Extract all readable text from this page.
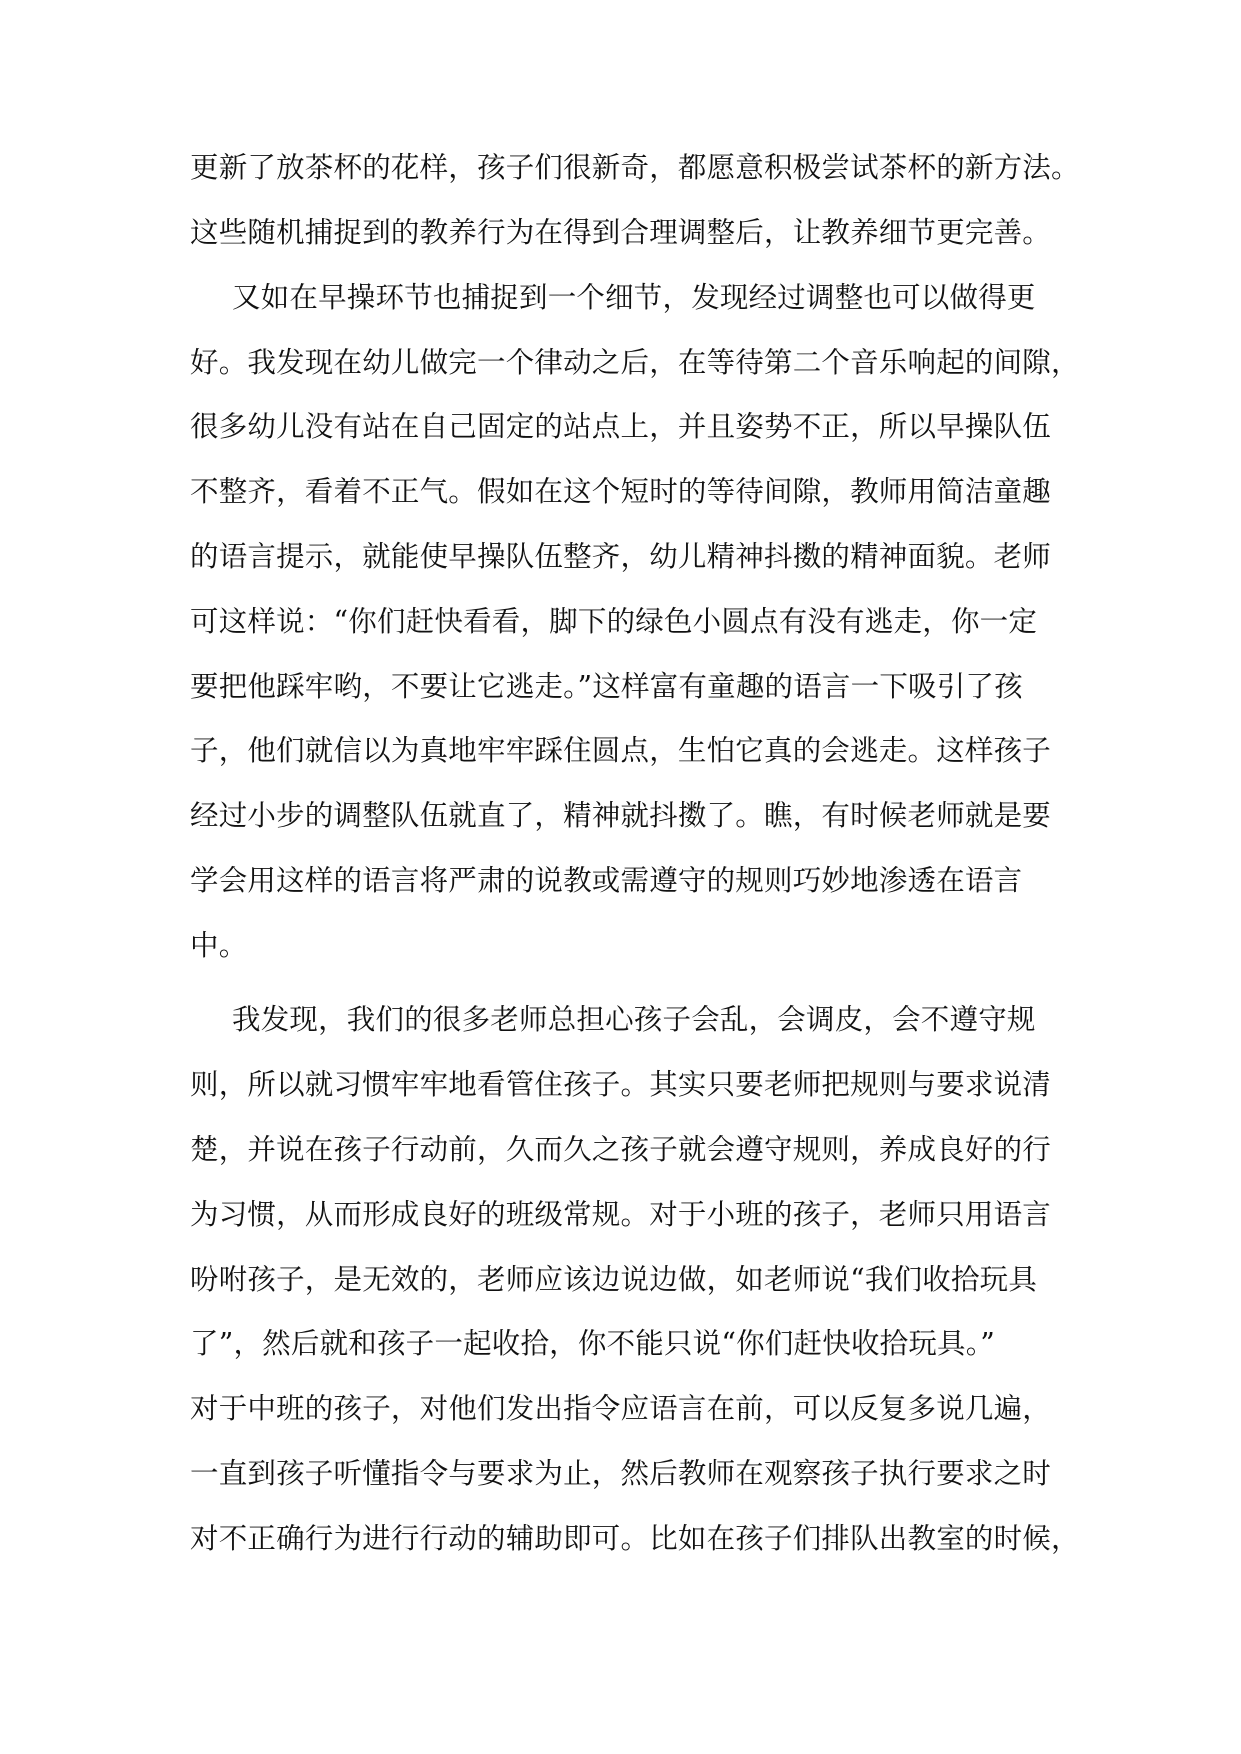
更新了放茶杯的花样，孩子们很新奇，都愿意积极尝试茶杯的新方法。
这些随机捕捉到的教养行为在得到合理调整后，让教养细节更完善。
又如在早操环节也捕捉到一个细节，发现经过调整也可以做得更
好。我发现在幼儿做完一个律动之后，在等待第二个音乐响起的间隙，
很多幼儿没有站在自己固定的站点上，并且姿势不正，所以早操队伍
不整齐，看着不正气。假如在这个短时的等待间隙，教师用简洁童趣
的语言提示，就能使早操队伍整齐，幼儿精神抖擞的精神面貌。老师
可这样说：“你们赶快看看，脚下的绿色小圆点有没有逃走，你一定
要把他踩牢哟，不要让它逃走。”这样富有童趣的语言一下吸引了孩
子，他们就信以为真地牢牢踩住圆点，生怕它真的会逃走。这样孩子
经过小步的调整队伍就直了，精神就抖擞了。瞧，有时候老师就是要
学会用这样的语言将严肃的说教或需遵守的规则巧妙地渗透在语言
中。
我发现，我们的很多老师总担心孩子会乱，会调皮，会不遵守规
则，所以就习惯牢牢地看管住孩子。其实只要老师把规则与要求说清
楚，并说在孩子行动前，久而久之孩子就会遵守规则，养成良好的行
为习惯，从而形成良好的班级常规。对于小班的孩子，老师只用语言
吩咐孩子，是无效的，老师应该边说边做，如老师说“我们收拾玩具
了”，然后就和孩子一起收拾，你不能只说“你们赶快收拾玩具。”
对于中班的孩子，对他们发出指令应语言在前，可以反复多说几遍，
一直到孩子听懂指令与要求为止，然后教师在观察孩子执行要求之时
对不正确行为进行行动的辅助即可。比如在孩子们排队出教室的时候，
